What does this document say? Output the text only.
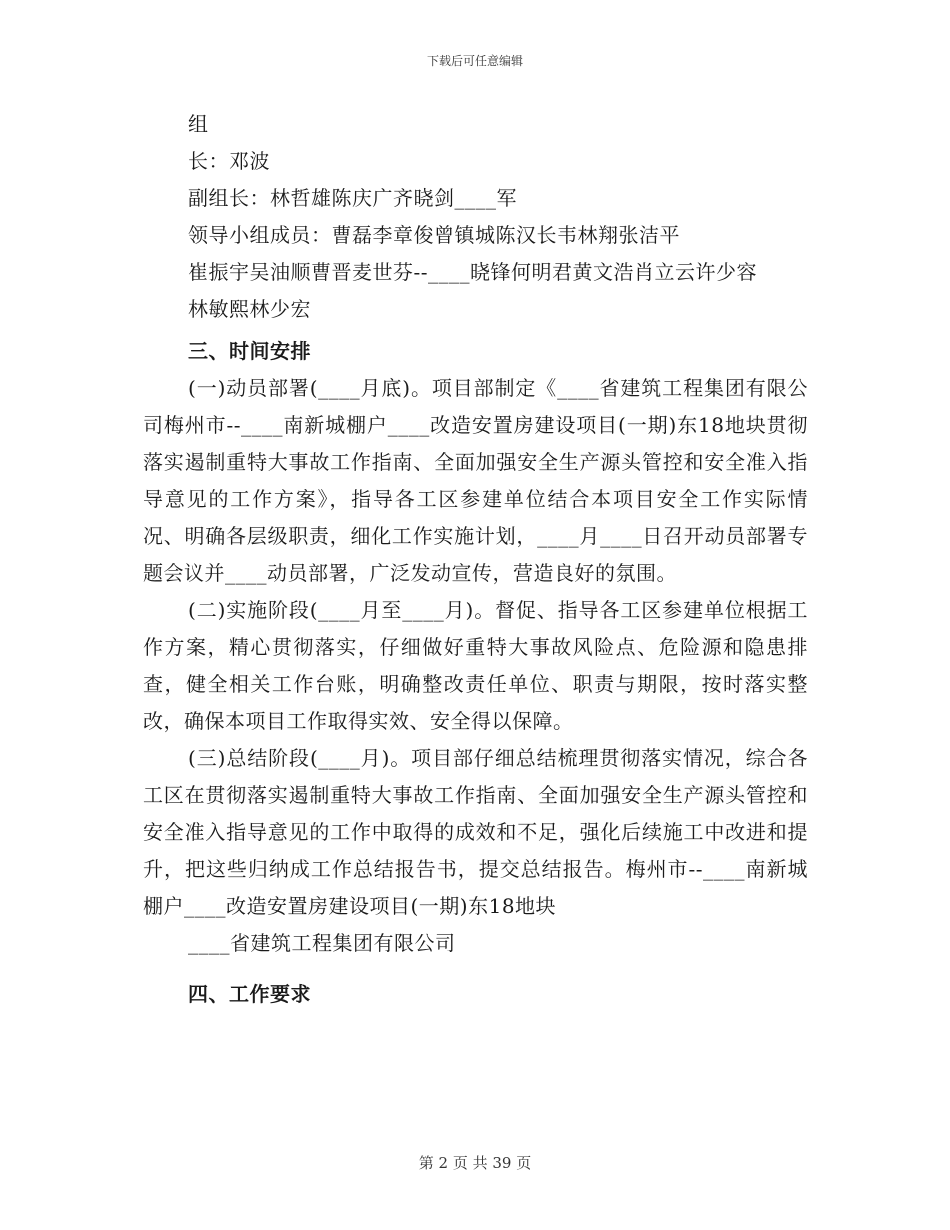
下载后可任意编辑

组

长：邓波

副组长：林哲雄陈庆广齐晓剑____军

领导小组成员：曹磊李章俊曾镇城陈汉长韦林翔张洁平

崔振宇吴油顺曹晋麦世芬--____晓锋何明君黄文浩肖立云许少容

林敏熙林少宏

三、时间安排

(一)动员部署(____月底)。项目部制定《____省建筑工程集团有限公司梅州市--____南新城棚户____改造安置房建设项目(一期)东18地块贯彻落实遏制重特大事故工作指南、全面加强安全生产源头管控和安全准入指导意见的工作方案》，指导各工区参建单位结合本项目安全工作实际情况、明确各层级职责，细化工作实施计划，____月____日召开动员部署专题会议并____动员部署，广泛发动宣传，营造良好的氛围。

(二)实施阶段(____月至____月)。督促、指导各工区参建单位根据工作方案，精心贯彻落实，仔细做好重特大事故风险点、危险源和隐患排查，健全相关工作台账，明确整改责任单位、职责与期限，按时落实整改，确保本项目工作取得实效、安全得以保障。

(三)总结阶段(____月)。项目部仔细总结梳理贯彻落实情况，综合各工区在贯彻落实遏制重特大事故工作指南、全面加强安全生产源头管控和安全准入指导意见的工作中取得的成效和不足，强化后续施工中改进和提升，把这些归纳成工作总结报告书，提交总结报告。梅州市--____南新城棚户____改造安置房建设项目(一期)东18地块

____省建筑工程集团有限公司

四、工作要求

第 2 页 共 39 页
